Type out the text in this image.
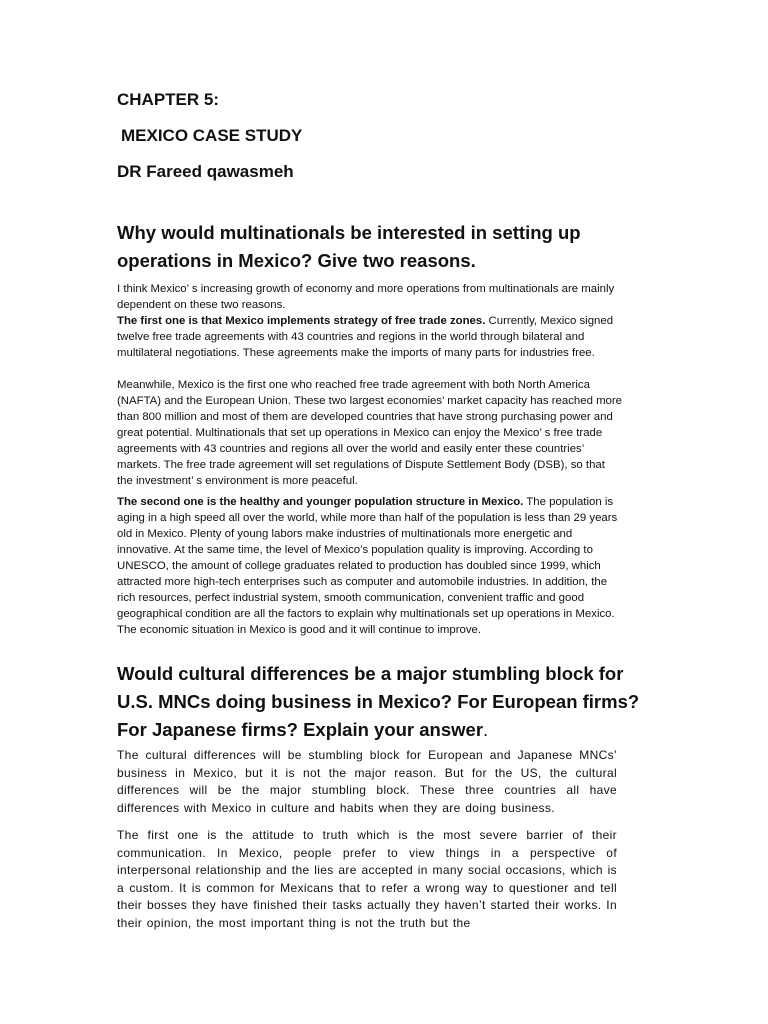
CHAPTER 5:
MEXICO CASE STUDY
DR Fareed qawasmeh
Why would multinationals be interested in setting up operations in Mexico? Give two reasons.

I think Mexico’ s increasing growth of economy and more operations from multinationals are mainly dependent on these two reasons.

The first one is that Mexico implements strategy of free trade zones. Currently, Mexico signed twelve free trade agreements with 43 countries and regions in the world through bilateral and multilateral negotiations. These agreements make the imports of many parts for industries free.

Meanwhile, Mexico is the first one who reached free trade agreement with both North America (NAFTA) and the European Union. These two largest economies’ market capacity has reached more than 800 million and most of them are developed countries that have strong purchasing power and great potential. Multinationals that set up operations in Mexico can enjoy the Mexico’ s free trade agreements with 43 countries and regions all over the world and easily enter these countries’ markets. The free trade agreement will set regulations of Dispute Settlement Body (DSB), so that the investment’ s environment is more peaceful.

The second one is the healthy and younger population structure in Mexico. The population is aging in a high speed all over the world, while more than half of the population is less than 29 years old in Mexico. Plenty of young labors make industries of multinationals more energetic and innovative. At the same time, the level of Mexico’s population quality is improving. According to UNESCO, the amount of college graduates related to production has doubled since 1999, which attracted more high-tech enterprises such as computer and automobile industries. In addition, the rich resources, perfect industrial system, smooth communication, convenient traffic and good geographical condition are all the factors to explain why multinationals set up operations in Mexico. The economic situation in Mexico is good and it will continue to improve.

Would cultural differences be a major stumbling block for U.S. MNCs doing business in Mexico? For European firms? For Japanese firms? Explain your answer.

The cultural differences will be stumbling block for European and Japanese MNCs’ business in Mexico, but it is not the major reason. But for the US, the cultural differences will be the major stumbling block. These three countries all have differences with Mexico in culture and habits when they are doing business.

The first one is the attitude to truth which is the most severe barrier of their communication. In Mexico, people prefer to view things in a perspective of interpersonal relationship and the lies are accepted in many social occasions, which is a custom. It is common for Mexicans that to refer a wrong way to questioner and tell their bosses they have finished their tasks actually they haven’t started their works. In their opinion, the most important thing is not the truth but the
